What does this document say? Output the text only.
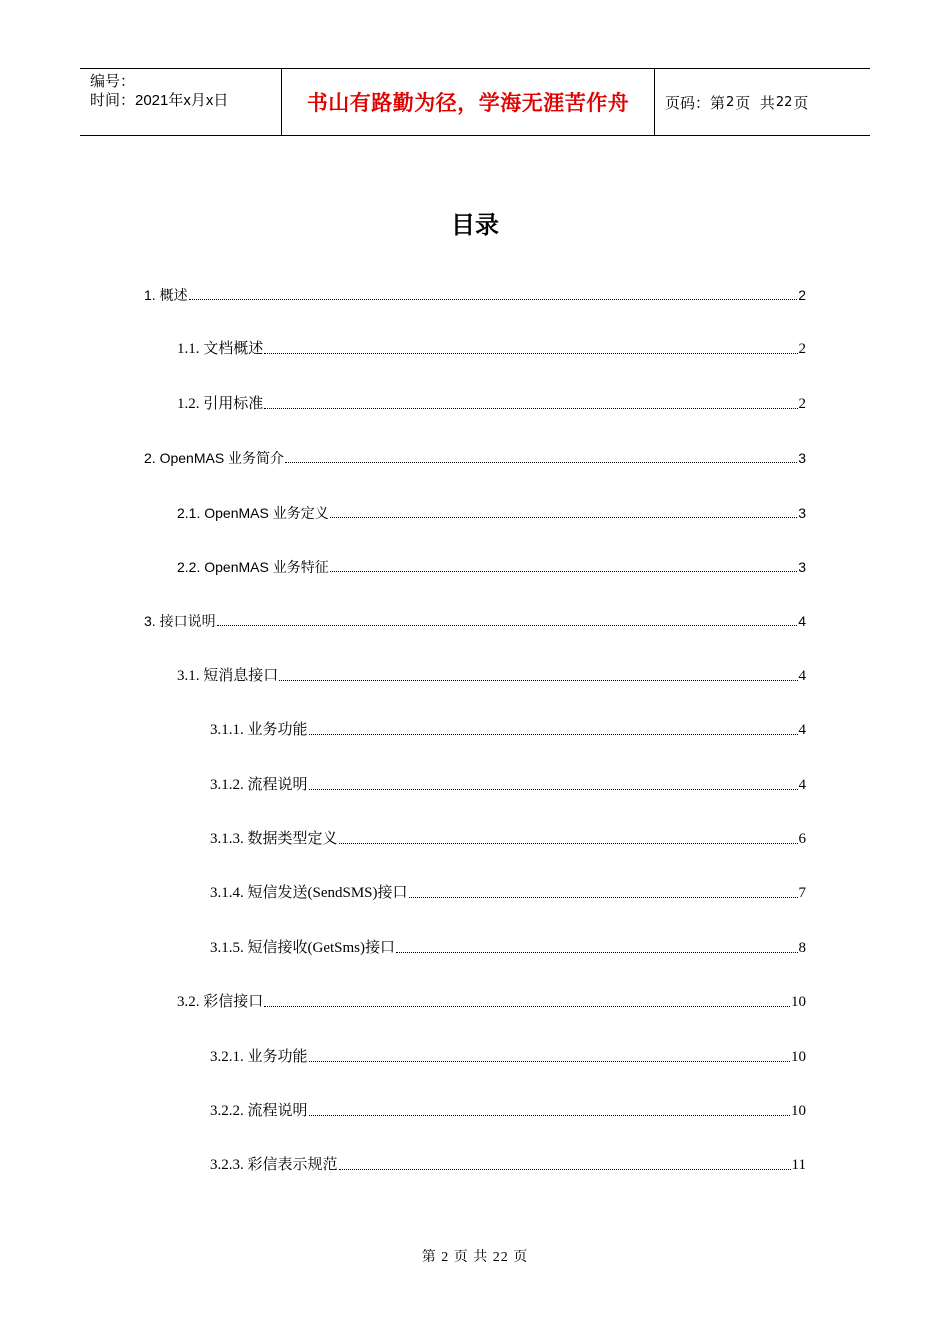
编号：
时间：2021年x月x日	书山有路勤为径，学海无涯苦作舟	页码：第 2 页  共 22 页
目录
1. 概述	2
1.1. 文档概述	2
1.2. 引用标准	2
2. OpenMAS 业务简介	3
2.1. OpenMAS 业务定义	3
2.2. OpenMAS 业务特征	3
3. 接口说明	4
3.1. 短消息接口	4
3.1.1. 业务功能	4
3.1.2. 流程说明	4
3.1.3. 数据类型定义	6
3.1.4. 短信发送(SendSMS)接口	7
3.1.5. 短信接收(GetSms)接口	8
3.2. 彩信接口	10
3.2.1. 业务功能	10
3.2.2. 流程说明	10
3.2.3. 彩信表示规范	11
第 2 页 共 22 页
